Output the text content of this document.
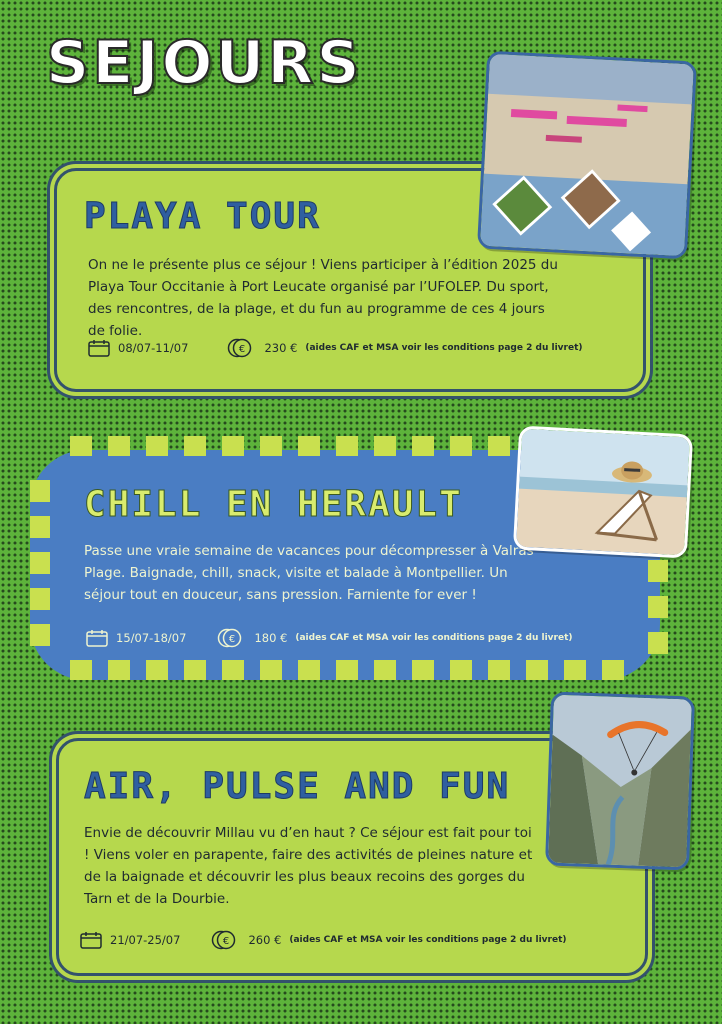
SEJOURS
PLAYA TOUR

On ne le présente plus ce séjour ! Viens participer à l’édition 2025 du Playa Tour Occitanie à Port Leucate organisé par l’UFOLEP. Du sport, des rencontres, de la plage, et du fun au programme de ces 4 jours de folie.

08/07-11/07	€ 230 € (aides CAF et MSA voir les conditions page 2 du livret)
CHILL EN HERAULT

Passe une vraie semaine de vacances pour décompresser à Valras Plage. Baignade, chill, snack, visite et balade à Montpellier. Un séjour tout en douceur, sans pression. Farniente for ever !

15/07-18/07	€ 180 € (aides CAF et MSA voir les conditions page 2 du livret)
AIR, PULSE AND FUN

Envie de découvrir Millau vu d’en haut ? Ce séjour est fait pour toi ! Viens voler en parapente, faire des activités de pleines nature et de la baignade et découvrir les plus beaux recoins des gorges du Tarn et de la Dourbie.

21/07-25/07	€ 260 € (aides CAF et MSA voir les conditions page 2 du livret)
